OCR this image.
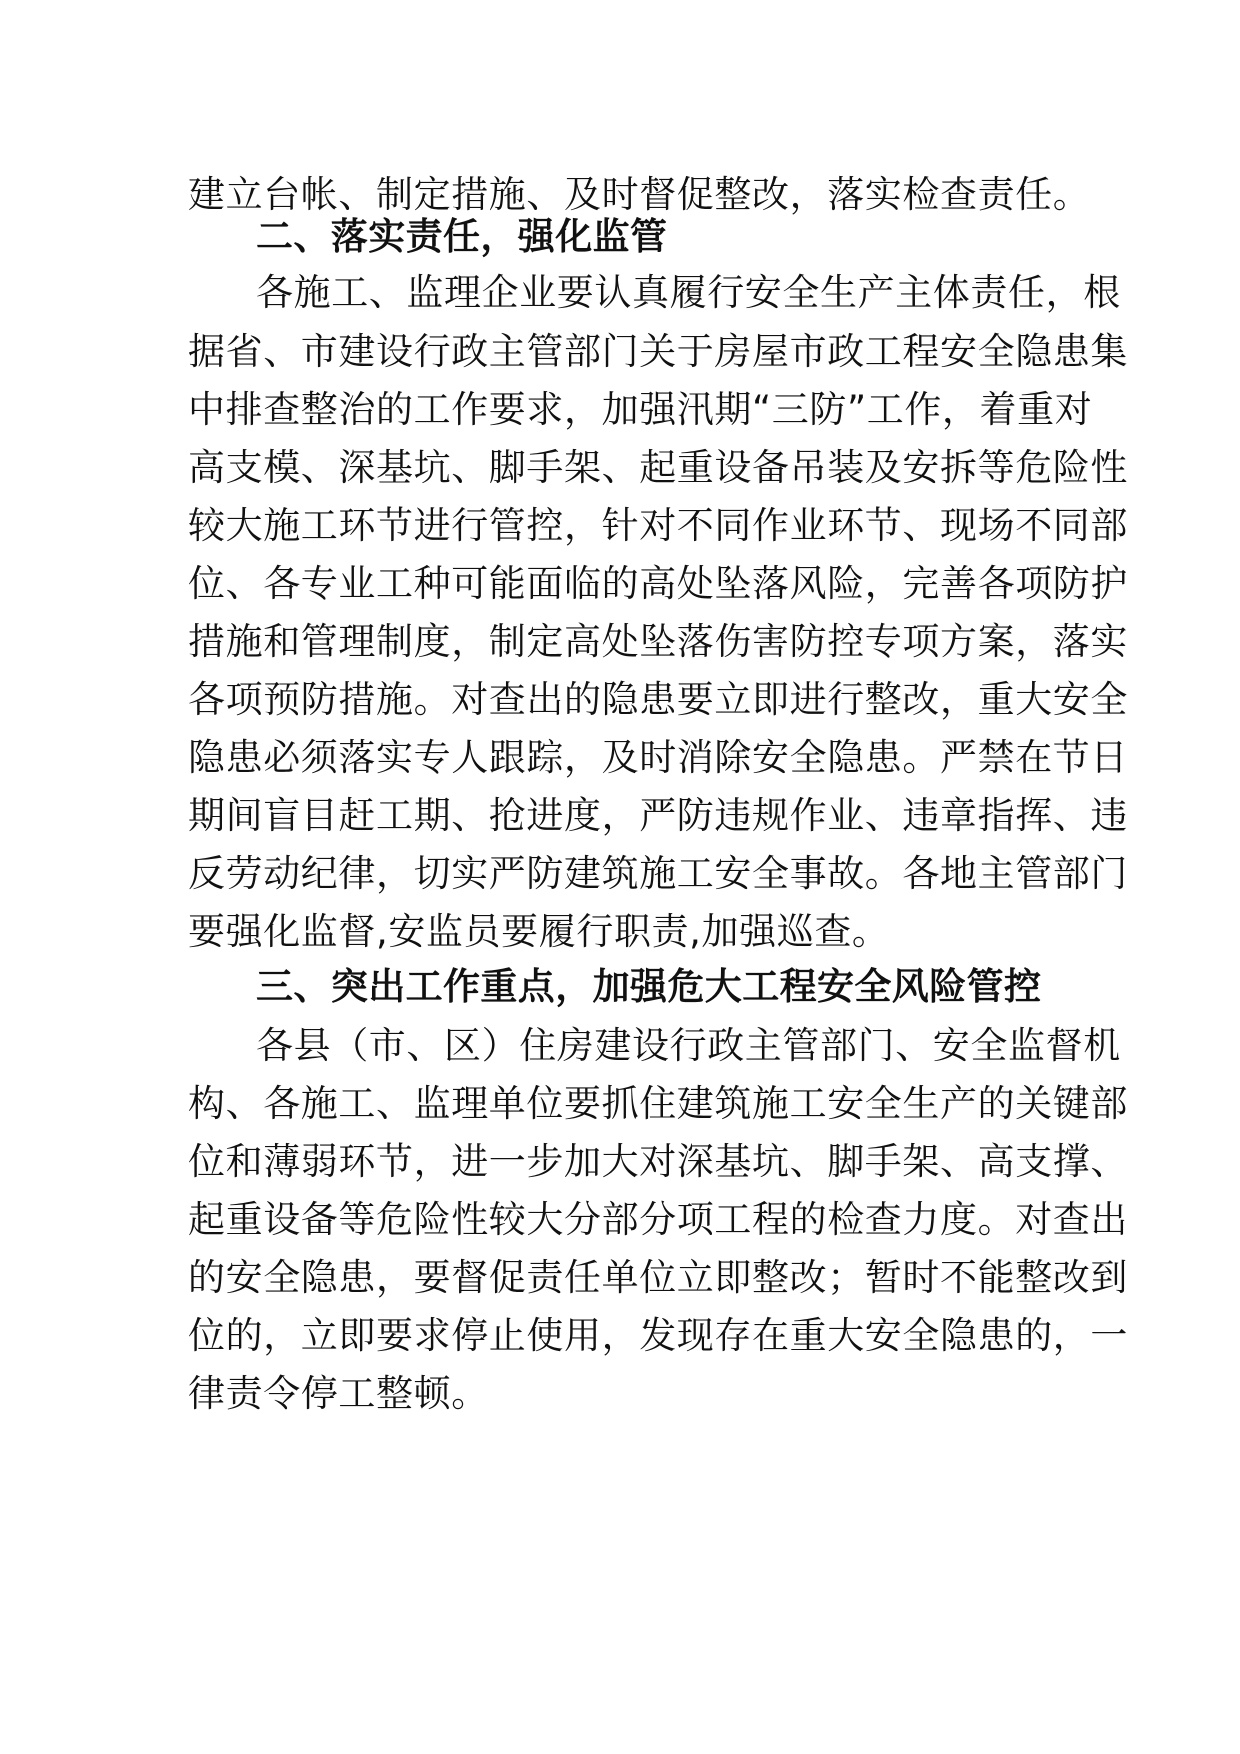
建立台帐、制定措施、及时督促整改，落实检查责任。
二、落实责任，强化监管
各施工、监理企业要认真履行安全生产主体责任，根
据省、市建设行政主管部门关于房屋市政工程安全隐患集
中排查整治的工作要求，加强汛期“三防”工作，着重对
高支模、深基坑、脚手架、起重设备吊装及安拆等危险性
较大施工环节进行管控，针对不同作业环节、现场不同部
位、各专业工种可能面临的高处坠落风险，完善各项防护
措施和管理制度，制定高处坠落伤害防控专项方案，落实
各项预防措施。对查出的隐患要立即进行整改，重大安全
隐患必须落实专人跟踪，及时消除安全隐患。严禁在节日
期间盲目赶工期、抢进度，严防违规作业、违章指挥、违
反劳动纪律，切实严防建筑施工安全事故。各地主管部门
要强化监督,安监员要履行职责,加强巡查。
三、突出工作重点，加强危大工程安全风险管控
各县（市、区）住房建设行政主管部门、安全监督机
构、各施工、监理单位要抓住建筑施工安全生产的关键部
位和薄弱环节，进一步加大对深基坑、脚手架、高支撑、
起重设备等危险性较大分部分项工程的检查力度。对查出
的安全隐患，要督促责任单位立即整改；暂时不能整改到
位的，立即要求停止使用，发现存在重大安全隐患的，一
律责令停工整顿。
